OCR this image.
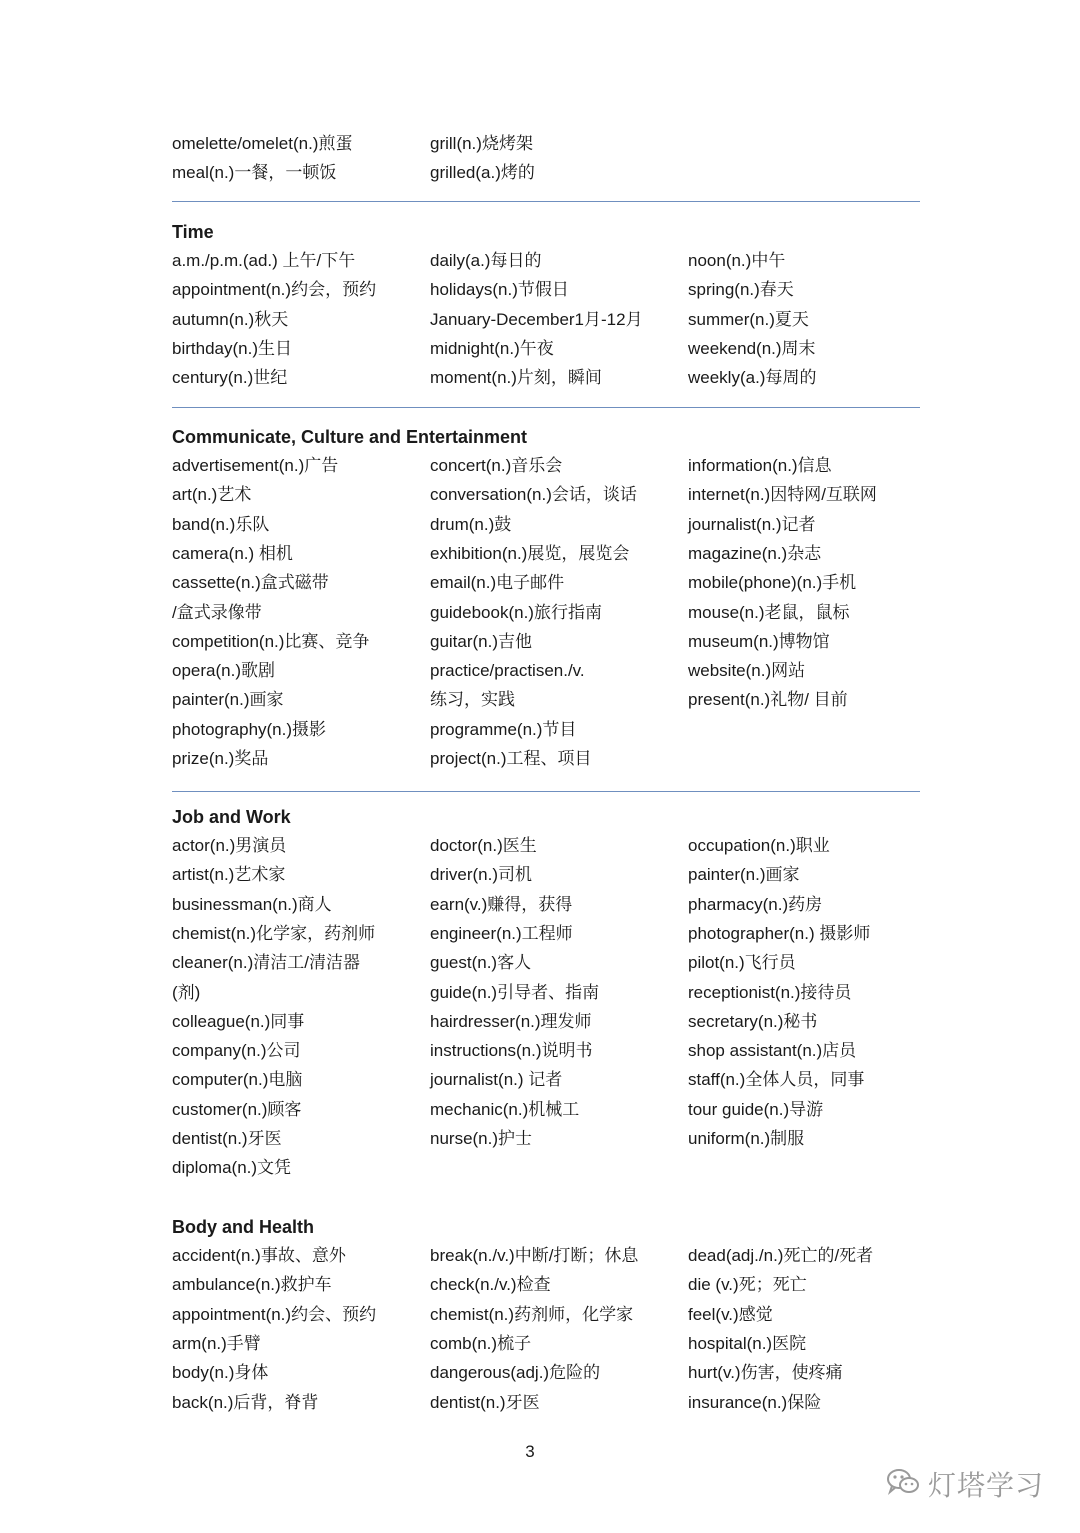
omelette/omelet(n.)煎蛋
meal(n.)一餐，一顿饭
grill(n.)烧烤架
grilled(a.)烤的
Time
a.m./p.m.(ad.) 上午/下午
appointment(n.)约会，预约
autumn(n.)秋天
birthday(n.)生日
century(n.)世纪
daily(a.)每日的
holidays(n.)节假日
January-December1月-12月
midnight(n.)午夜
moment(n.)片刻，瞬间
noon(n.)中午
spring(n.)春天
summer(n.)夏天
weekend(n.)周末
weekly(a.)每周的
Communicate, Culture and Entertainment
advertisement(n.)广告
art(n.)艺术
band(n.)乐队
camera(n.) 相机
cassette(n.)盒式磁带
/盒式录像带
competition(n.)比赛、竞争
opera(n.)歌剧
painter(n.)画家
photography(n.)摄影
prize(n.)奖品
concert(n.)音乐会
conversation(n.)会话，谈话
drum(n.)鼓
exhibition(n.)展览，展览会
email(n.)电子邮件
guidebook(n.)旅行指南
guitar(n.)吉他
practice/practisen./v.
练习，实践
programme(n.)节目
project(n.)工程、项目
information(n.)信息
internet(n.)因特网/互联网
journalist(n.)记者
magazine(n.)杂志
mobile(phone)(n.)手机
mouse(n.)老鼠，鼠标
museum(n.)博物馆
website(n.)网站
present(n.)礼物/ 目前
Job and Work
actor(n.)男演员
artist(n.)艺术家
businessman(n.)商人
chemist(n.)化学家，药剂师
cleaner(n.)清洁工/清洁器
(剂)
colleague(n.)同事
company(n.)公司
computer(n.)电脑
customer(n.)顾客
dentist(n.)牙医
diploma(n.)文凭
doctor(n.)医生
driver(n.)司机
earn(v.)赚得，获得
engineer(n.)工程师
guest(n.)客人
guide(n.)引导者、指南
hairdresser(n.)理发师
instructions(n.)说明书
journalist(n.) 记者
mechanic(n.)机械工
nurse(n.)护士
occupation(n.)职业
painter(n.)画家
pharmacy(n.)药房
photographer(n.) 摄影师
pilot(n.)飞行员
receptionist(n.)接待员
secretary(n.)秘书
shop assistant(n.)店员
staff(n.)全体人员，同事
tour guide(n.)导游
uniform(n.)制服
Body and Health
accident(n.)事故、意外
ambulance(n.)救护车
appointment(n.)约会、预约
arm(n.)手臂
body(n.)身体
back(n.)后背，脊背
break(n./v.)中断/打断；休息
check(n./v.)检查
chemist(n.)药剂师，化学家
comb(n.)梳子
dangerous(adj.)危险的
dentist(n.)牙医
dead(adj./n.)死亡的/死者
die (v.)死；死亡
feel(v.)感觉
hospital(n.)医院
hurt(v.)伤害，使疼痛
insurance(n.)保险
3
灯塔学习
